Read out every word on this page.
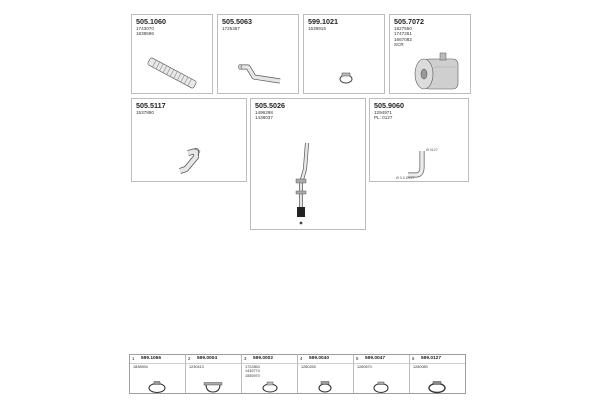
505.1060
1743070
1838596
505.5063
1725357
599.1021
1639915
505.7072
1827550
1747261
1667082
SCR
505.5117
1537890
505.5026
1496298
1438037
505.9060
1294971
PL: 0127
Ø 0127
Ø 0.0 Ø127
1 599.1066
1838594
2 599.0004
1230413
3 599.0002
1722863
1439774
1555970
4 599.0040
1280255
5 599.0047
1280670
6 599.0127
1280080
